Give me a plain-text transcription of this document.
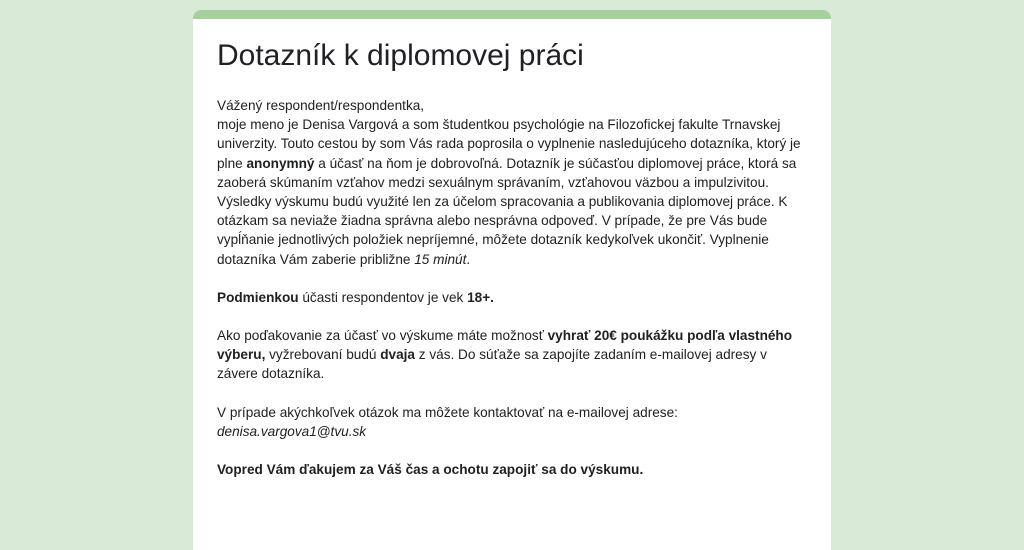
Dotazník k diplomovej práci

Vážený respondent/respondentka,

moje meno je Denisa Vargová a som študentkou psychológie na Filozofickej fakulte Trnavskej univerzity. Touto cestou by som Vás rada poprosila o vyplnenie nasledujúceho dotazníka, ktorý je plne anonymný a účasť na ňom je dobrovoľná. Dotazník je súčasťou diplomovej práce, ktorá sa zaoberá skúmaním vzťahov medzi sexuálnym správaním, vzťahovou väzbou a impulzivitou.

Výsledky výskumu budú využité len za účelom spracovania a publikovania diplomovej práce. K otázkam sa neviaže žiadna správna alebo nesprávna odpoveď. V prípade, že pre Vás bude vypĺňanie jednotlivých položiek nepríjemné, môžete dotazník kedykoľvek ukončiť. Vyplnenie dotazníka Vám zaberie približne 15 minút.

Podmienkou účasti respondentov je vek 18+.

Ako poďakovanie za účasť vo výskume máte možnosť vyhrať 20€ poukážku podľa vlastného výberu, vyžrebovaní budú dvaja z vás. Do súťaže sa zapojíte zadaním e-mailovej adresy v závere dotazníka.

V prípade akýchkoľvek otázok ma môžete kontaktovať na e-mailovej adrese: denisa.vargova1@tvu.sk

Vopred Vám ďakujem za Váš čas a ochotu zapojiť sa do výskumu.
